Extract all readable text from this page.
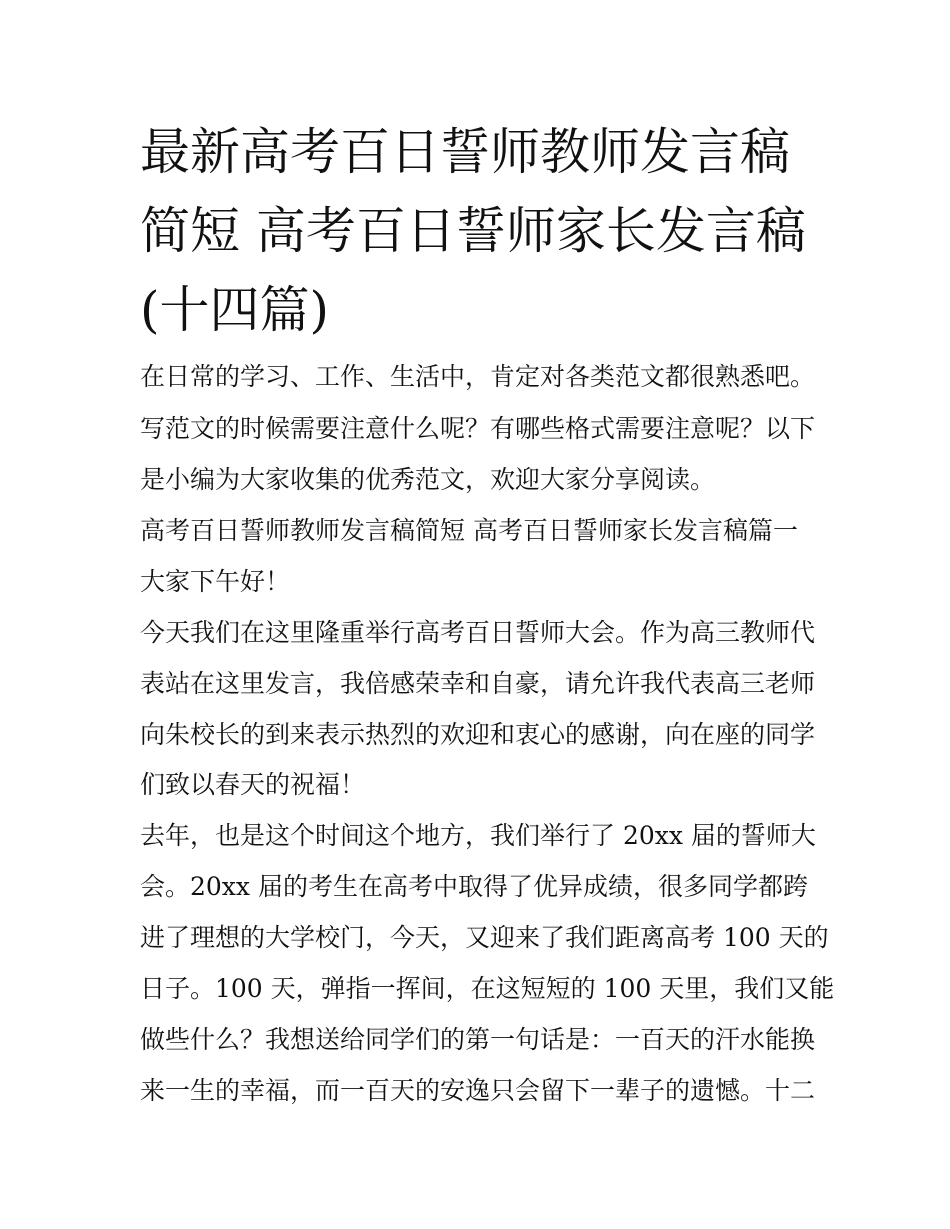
最新高考百日誓师教师发言稿
简短 高考百日誓师家长发言稿
(十四篇)

在日常的学习、工作、生活中，肯定对各类范文都很熟悉吧。

写范文的时候需要注意什么呢？有哪些格式需要注意呢？以下

是小编为大家收集的优秀范文，欢迎大家分享阅读。

高考百日誓师教师发言稿简短 高考百日誓师家长发言稿篇一

大家下午好！

今天我们在这里隆重举行高考百日誓师大会。作为高三教师代

表站在这里发言，我倍感荣幸和自豪，请允许我代表高三老师

向朱校长的到来表示热烈的欢迎和衷心的感谢，向在座的同学

们致以春天的祝福！

去年，也是这个时间这个地方，我们举行了 20xx 届的誓师大

会。20xx 届的考生在高考中取得了优异成绩，很多同学都跨

进了理想的大学校门，今天，又迎来了我们距离高考 100 天的

日子。100 天，弹指一挥间，在这短短的 100 天里，我们又能

做些什么？我想送给同学们的第一句话是：一百天的汗水能换

来一生的幸福，而一百天的安逸只会留下一辈子的遗憾。十二
